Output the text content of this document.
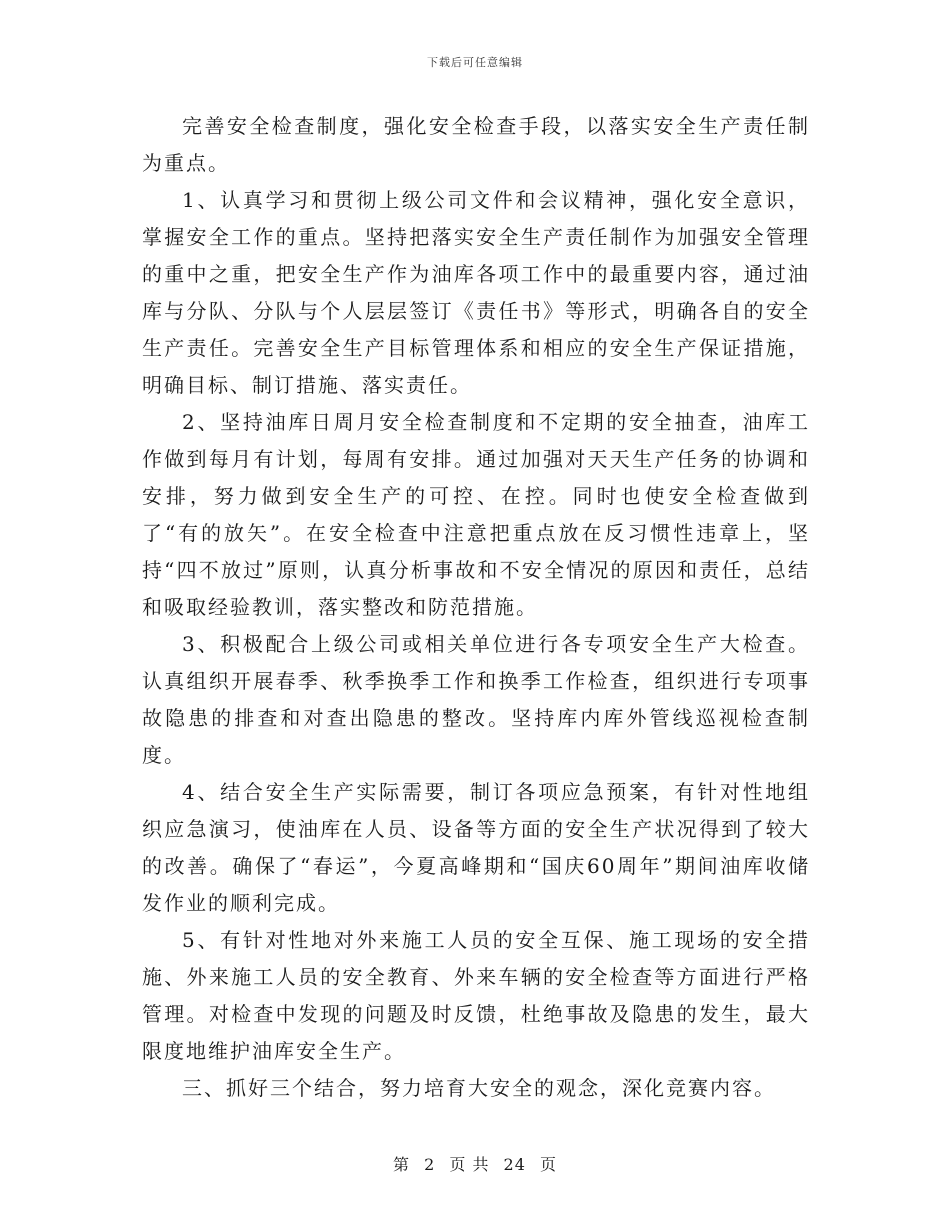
下载后可任意编辑

完善安全检查制度，强化安全检查手段，以落实安全生产责任制为重点。

1、认真学习和贯彻上级公司文件和会议精神，强化安全意识，掌握安全工作的重点。坚持把落实安全生产责任制作为加强安全管理的重中之重，把安全生产作为油库各项工作中的最重要内容，通过油库与分队、分队与个人层层签订《责任书》等形式，明确各自的安全生产责任。完善安全生产目标管理体系和相应的安全生产保证措施，明确目标、制订措施、落实责任。

2、坚持油库日周月安全检查制度和不定期的安全抽查，油库工作做到每月有计划，每周有安排。通过加强对天天生产任务的协调和安排，努力做到安全生产的可控、在控。同时也使安全检查做到了“有的放矢”。在安全检查中注意把重点放在反习惯性违章上，坚持“四不放过”原则，认真分析事故和不安全情况的原因和责任，总结和吸取经验教训，落实整改和防范措施。

3、积极配合上级公司或相关单位进行各专项安全生产大检查。认真组织开展春季、秋季换季工作和换季工作检查，组织进行专项事故隐患的排查和对查出隐患的整改。坚持库内库外管线巡视检查制度。

4、结合安全生产实际需要，制订各项应急预案，有针对性地组织应急演习，使油库在人员、设备等方面的安全生产状况得到了较大的改善。确保了“春运”，今夏高峰期和“国庆60周年”期间油库收储发作业的顺利完成。

5、有针对性地对外来施工人员的安全互保、施工现场的安全措施、外来施工人员的安全教育、外来车辆的安全检查等方面进行严格管理。对检查中发现的问题及时反馈，杜绝事故及隐患的发生，最大限度地维护油库安全生产。

三、抓好三个结合，努力培育大安全的观念，深化竞赛内容。

第 2 页 共 24 页
